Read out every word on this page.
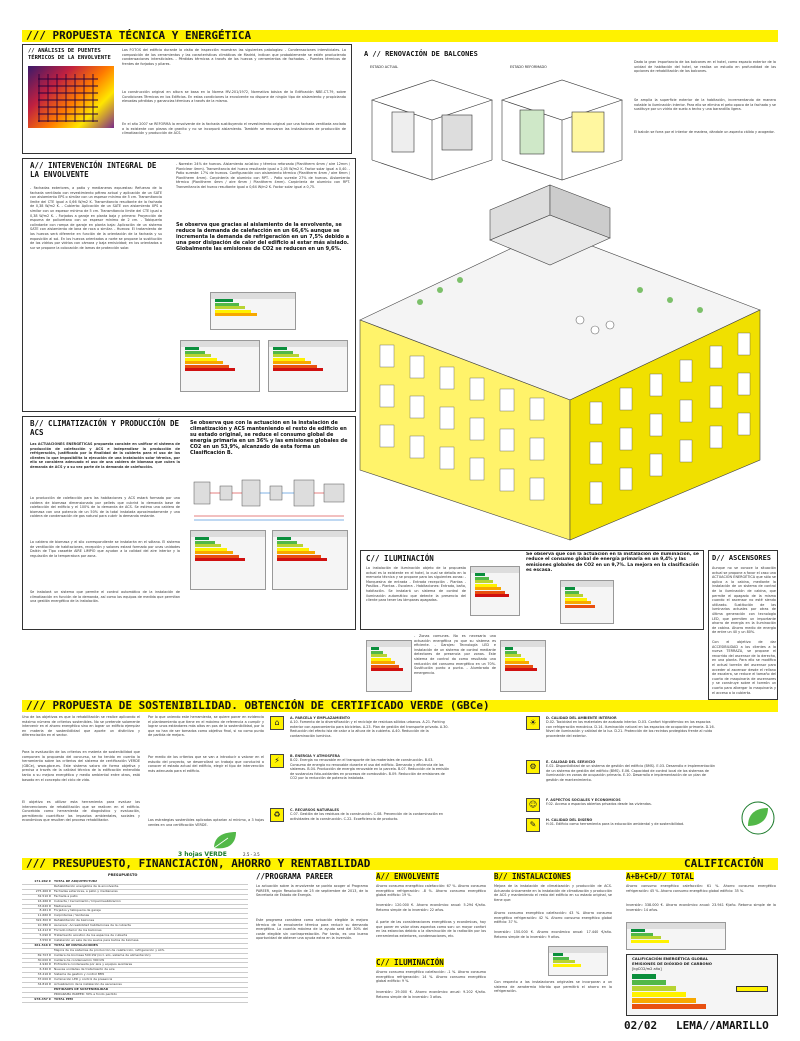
/// PROPUESTA TÉCNICA Y ENERGÉTICA
// ANÁLISIS DE PUENTES TÉRMICOS DE LA ENVOLVENTE
Las FOTOS del edificio durante la visita de inspección muestran las siguientes patologías: - Condensaciones intersticiales. La composición de los cerramientos y las características climáticas de Madrid, indican que probablemente se estén produciendo condensaciones intersticiales. - Pérdidas térmicas a través de los huecos y cerramientos de fachadas. - Puentes térmicos de frentes de forjados y pilares.
La construcción original en altura se basa en la Norma MV-201/1972, Normativa básica de la Edificación NBE-CT-79, sobre Condiciones Térmicas en los Edificios. En estas condiciones la envolvente no dispone de ningún tipo de aislamiento y propiciando elevadas pérdidas y ganancias térmicas a través de la misma.
En el año 2007 se REFORMA la envolvente de la fachada sustituyendo el revestimiento original por una fachada ventilada anclada a la existente con piezas de granito y no se incorporó aislamiento. También se renovaron las instalaciones de producción de climatización y producción de ACS.
A // RENOVACIÓN DE BALCONES
ESTADO ACTUAL	ESTADO REFORMADO
Dada la gran importancia de los balcones en el hotel, como espacio exterior de la unidad de habitación del hotel, se realiza un estudio en profundidad de las opciones de rehabilitación de los balcones.
Se amplía la superficie exterior de la habitación, incrementando de manera notable la iluminación interior. Para ello se elimina el peto opaco de la fachada y se sustituye por un vidrio de suelo a techo y una barandilla ligera.
El balcón se forra por el interior de madera, dándole un aspecto cálido y acogedor.
A// INTERVENCIÓN INTEGRAL DE LA ENVOLVENTE
- Fachadas exteriores, a patio y medianeras expuestas: Refuerzo de la fachada ventilada con revestimiento pétreo actual y aplicación de un SATE con aislamiento EPS o similar con un espesor mínimo de 5 cm. Transmitancia límite del CTE igual a 0,66 W/m2 K. Transmitancia resultante de la fachada de 0,38 W/m2 K. - Cubierta: Aplicación de un SATE con aislamiento XPS o similar con un espesor mínimo de 5 cm. Transmitancia límite del CTE igual a 0,38 W/m2 K. - Forjados a garaje en planta baja y primera: Proyección de espuma de poliuretano con un espesor mínimo de 2 cm. - Tabiquería colindante con rampa de garaje en planta baja: Aplicación de un sistema SATE con aislamiento de lana de roca o similar. - Huecos: El tratamiento de los huecos será diferente en función de la orientación de la fachada y su exposición al sol. En los huecos orientados a norte se propone la sustitución de los vidrios por vidrios con cámara y baja emisividad; en los orientados a sur se propone la colocación de lamas de protección solar.
- Noreste: 24% de huecos. Aislamiento acústico y térmico reforzado (Planitherm 4mm / aire 12mm / Planiclear 4mm). Transmitancia del hueco resultante igual a 2,05 W/m2 K. Factor solar igual a 0,40. - Patio sureste: 17% de huecos. Configuración con aislamiento térmico (Planitherm 4mm / aire 6mm / Planitherm 4mm). Carpintería de aluminio con RPT. - Patio sureste 27% de huecos. Aislamiento térmico (Planitherm 4mm / aire 6mm / Planitherm 4mm). Carpintería de aluminio con RPT. Transmitancia del hueco resultante igual a 0,64 W/m2 K. Factor solar igual a 0,75.
Se observa que gracias al aislamiento de la envolvente, se reduce la demanda de calefacción en un 66,6% aunque se incrementa la demanda de refrigeración en un 7,5% debido a una peor disipación de calor del edificio al estar más aislado. Globalmente las emisiones de CO2 se reducen en un 9,6%.

B// CLIMATIZACIÓN Y PRODUCCIÓN DE ACS
Las ACTUACIONES ENERGÉTICAS propuesta consiste en unificar el sistema de producción de calefacción y ACS e independizar la producción de refrigeración, justificado por la finalidad de la cubierta para el uso de los clientes lo que imposibilita la ejecución de una instalación solar térmica, por ello se considera adecuado el uso de una caldera de biomasa que cubra la demanda de ACS y a su vez parte de la demanda de calefacción.
La producción de calefacción para las habitaciones y ACS estará formada por una caldera de biomasa dimensionada por pellets que cubrirá la demanda base de calefacción del edificio y el 100% de la demanda de ACS. Se estima una caldera de biomasa con una potencia de un 50% de la total instalada aproximadamente y una caldera de condensación de gas natural para cubrir la demanda restante.
La caldera de biomasa y el silo correspondiente se instalarán en el sótano. El sistema de ventilación de habitaciones, recepción y salones estará formado por unas unidades Daikin de Tipo cassette AIRE LIMPIO que ayudan a la calidad del aire interior y la regulación de la temperatura por zona.
Se instalará un sistema que permite el control automático de la instalación de climatización en función de la demanda, así como los equipos de medida que permitan una gestión energética de la instalación.
Se observa que con la actuación en la instalación de climatización y ACS manteniendo el resto de edificio en su estado original, se reduce el consumo global de energía primaria en un 36% y las emisiones globales de CO2 en un 53,9%, alcanzado de esta forma un Clasificación B.

C// ILUMINACIÓN	Se observa que con la actuación en la instalación de iluminación, se reduce el consumo global de energía primaria en un 9,4% y las emisiones globales de CO2 en un 9,7%. La mejora en la clasificación es escasa.
La instalación de iluminación objeto de la propuesta actual es la existente en el hotel, la cual se detalla en la memoria técnica y se propone para las siguientes zonas: - Marquesina de entrada - Entrada recepción - Plantas - Pasillos - Plantas - Escalera - Habitaciones: Entrada, baño, habitación. Se instalará un sistema de control de iluminación automático que detecte la presencia del cliente para tener las lámparas apagadas.

- Zonas comunes. No es necesaria una actuación energética ya que su sistema es eficiente. - Garajes: Tecnología LED e instalación de un sistema de control mediante detectores de presencia por zonas. Este sistema de control da como resultado una reducción del consumo energético en un 70%. Sustitución punto a punto. - Alumbrado de emergencia.

D// ASCENSORES
Aunque no se conoce la situación actual se propone a favor el caso una ACTUACIÓN ENERGÉTICA que sólo se aplica a la cabina, mediante la instalación de un sistema de control de la iluminación de cabina, que permite el apagado de la misma cuando el ascensor no esté siendo utilizado. Sustitución de las luminarias actuales por otras de última generación con tecnología LED, que permiten un importante ahorro de energía en la iluminación de cabina. Ahorro medio de energía de entre un 40 y un 80%.
Con el objetivo de dar ACCESIBILIDAD a los clientes a la nueva TERRAZA, se propone el recorrido del ascensor de la derecha, en una planta. Para ello se modifica el actual torreón del ascensor para acceder al ascensor desde el rellano de escalera, se reduce el tamaño del cuarto de maquinaria de ascensores y se construye sobre el torreón un cuarto para albergar la maquinaria y el acceso a la cubierta.
/// PROPUESTA DE SOSTENIBILIDAD. OBTENCIÓN DE CERTIFICADO VERDE (GBCe)
Uno de los objetivos es que la rehabilitación se realice aplicando el máximo número de criterios sostenibles. No se pretende solamente intervenir en el ahorro energético sino en lograr un edificio ejemplar en materia de sostenibilidad que aporte un distintivo y diferenciación en el sector.
Para la evaluación de los criterios en materia de sostenibilidad que componen la propuesta del concurso, se ha tenido en cuenta la herramienta sobre los criterios del sistema de certificación VERDE (GBCe), www.gbce.es. Este sistema valora de forma objetiva y precisa a través de la calidad técnica de la edificación entendido tanto a su mejora energética y medio ambiental entre otros, está basado en el concepto del ciclo de vida.
El objetivo es utilizar esta herramienta para evaluar las intervenciones de rehabilitación que se realicen en el edificio. Concebida como herramienta de diagnóstico y evaluación, permitiendo cuantificar los impactos ambientales, sociales y económicos que resulten del proceso rehabilitador.
Por lo que uniendo este herramienta, se quiere poner en evidencia el planteamiento que tiene en el máximo de referencia a cumplir y lograr unos estándares más altos en pos de la sostenibilidad, por lo que no han de ser tomados como objetivo final, si no como punto de partida de mejora.
Por medio de los criterios que se van a introducir a valorar en el estudio del proyecto, se desarrollará un trabajo que conducirá a conocer el estado actual del edificio, elegir el tipo de intervención más adecuada para el edificio.
Las estrategias sostenibles aplicadas optarían al mínimo, a 3 hojas verdes en una certificación VERDE.
3 hojas VERDE	2.5 - 3.5
⌂	A. PARCELA Y EMPLAZAMIENTO
A.10. Fomento de la diversificación y el reciclaje de residuos sólidos urbanos. A.21. Parking exterior con aparcamiento para bicicletas. A.23. Plan de gestión del transporte privado. A.30. Reducción del efecto isla de calor a la altura de la cubierta. A.40. Reducción de la contaminación lumínica.
⚡	B. ENERGÍA Y ATMÓSFERA
B.02. Energía no renovable en el transporte de los materiales de construcción. B.03. Consumo de energía no renovable durante el uso del edificio. Demanda y eficiencia de los sistemas. B.04. Producción de energía renovable en la parcela. B.07. Reducción de la emisión de sustancias foto-oxidantes en procesos de combustión. B.09. Reducción de emisiones de CO2 por la reducción de potencia instalada.
♻	C. RECURSOS NATURALES
C.07. Gestión de los residuos de la construcción. C.08. Prevención de la contaminación en actividades de la construcción. C.22. Ecoeficiencia de producto.
☀	D. CALIDAD DEL AMBIENTE INTERIOR
D.02. Toxicidad en los materiales de acabado interior. D.03. Confort higrotérmico en los espacios con refrigeración mecánica. D.14. Iluminación natural en los espacios de ocupación primaria. D.16. Nivel de iluminación y calidad de la luz. D.21. Protección de los recintos protegidos frente al ruido procedente del exterior.
⚙	E. CALIDAD DEL SERVICIO
E.02. Disponibilidad de un sistema de gestión del edificio (BMS). E.03. Desarrollo e implementación de un sistema de gestión del edificio (BMS). E.06. Capacidad de control local de los sistemas de iluminación en zonas de ocupación primaria. E.10. Desarrollo e implementación de un plan de gestión de mantenimiento.
☺	F. ASPECTOS SOCIALES Y ECONÓMICOS
F.02. Acceso a espacios abiertos privados desde las viviendas.
✎	H. CALIDAD DEL DISEÑO
H.01. Edificio como herramienta para la educación ambiental y de sostenibilidad.
/// PRESUPUESTO, FINANCIACIÓN, AHORRO Y RENTABILIDAD	CALIFICACIÓN
PRESUPUESTO
171.962 €	TOTAL DE ARQUITECTURA
Rehabilitación energética de la envolvente.
275.466 €	Fachadas exteriores, a patio y medianeras
32.510 €	Fachada a patio
16.466 €	Cubierta / Cerramiento / Impermeabilización
33.620 €	Medianeras
8.461 €	Forjados y tabiquería de garaje
11.660 €	Carpinterías / Ventanas
322.300 €	Rehabilitación de balcones
10.380 €	Ascensor, Accesibilidad habitaciones de la cubierta
14.412 €	Forrado interior de los balcones
5.090 €	Tratamiento acústico de los espacios de cubierta
3.550 €	Instalación en sala de los suelos para baños de biomasa
461.516 €	TOTAL DE INSTALACIONES
Mejora de los sistemas de producción de calefacción, refrigeración y ACS.
69.703 €	Caldera de biomasa 500 kW (incl. silo, sistema de alimentación)
30.000 €	Caldera de condensación 300 kW
4.940 €	Enfriadora condensada por aire y equipos auxiliares
6.340 €	Nuevas unidades de tratamiento de aire
33.416 €	Sistema de gestión y control BMS
37.000 €	Iluminación LED y control de presencia
34.816 €	Actualización de la instalación de ascensores
ENTIDADES DE SOSTENIBILIDAD
PROGRAMA PAREER: 30% a fondo perdido
978.457 €	TOTAL PEM
//PROGRAMA PAREER
La actuación sobre la envolvente se podría acoger al Programa PAREER, según Resolución de 25 de septiembre de 2013, de la Secretaría de Estado de Energía.
Este programa considera como actuación elegible la mejora térmica de la envolvente térmica para reducir su demanda energética. La cuantía máxima de la ayuda será del 30% del coste elegible sin contraprestación. Por tanto, es una buena oportunidad de obtener una ayuda extra en la inversión.
A// ENVOLVENTE
Ahorro consumo energético calefacción: 67 %. Ahorro consumo energético refrigeración: -8 %. Ahorro consumo energético global edificio: 19 %.
Inversión: 120.000 €. Ahorro económico anual: 5.294 €/año. Retorno simple de la inversión: 22 años.
A parte de las consideraciones energéticas y económicas, hay que poner en valor otras aspectos como son: un mayor confort en las estancias debido a la disminución de la radiación por los cerramientos exteriores, condensaciones, etc.
C// ILUMINACIÓN
Ahorro consumo energético calefacción: -1 %. Ahorro consumo energético refrigeración: 14 %. Ahorro consumo energético global edificio: 9 %.
Inversión: 29.000 €. Ahorro económico anual: 9.202 €/año. Retorno simple de la inversión: 3 años.
B// INSTALACIONES
Mejora de la instalación de climatización y producción de ACS. Actuando únicamente en la instalación de climatización y producción de ACS y manteniendo el resto del edificio en su estado original, se tiene que:
Ahorro consumo energético calefacción: 43 %. Ahorro consumo energético refrigeración: 42 %. Ahorro consumo energético global edificio: 37 %.
Inversión: 150.000 €. Ahorro económico anual: 17.440 €/año. Retorno simple de la inversión: 9 años.
Con respecto a las instalaciones originales se incorporan a un sistema de aerotermia híbrido que permitirá el ahorro en la refrigeración.

A+B+C+D// TOTAL
Ahorro consumo energético calefacción: 61 %. Ahorro consumo energético refrigeración: 45 %. Ahorro consumo energético global edificio: 35 %.
Inversión: 338.000 €. Ahorro económico anual: 23.941 €/año. Retorno simple de la inversión: 14 años.

CALIFICACIÓN ENERGÉTICA GLOBAL
EMISIONES DE DIÓXIDO DE CARBONO
[kgCO2/m2 año]
02/02 LEMA//AMARILLO
